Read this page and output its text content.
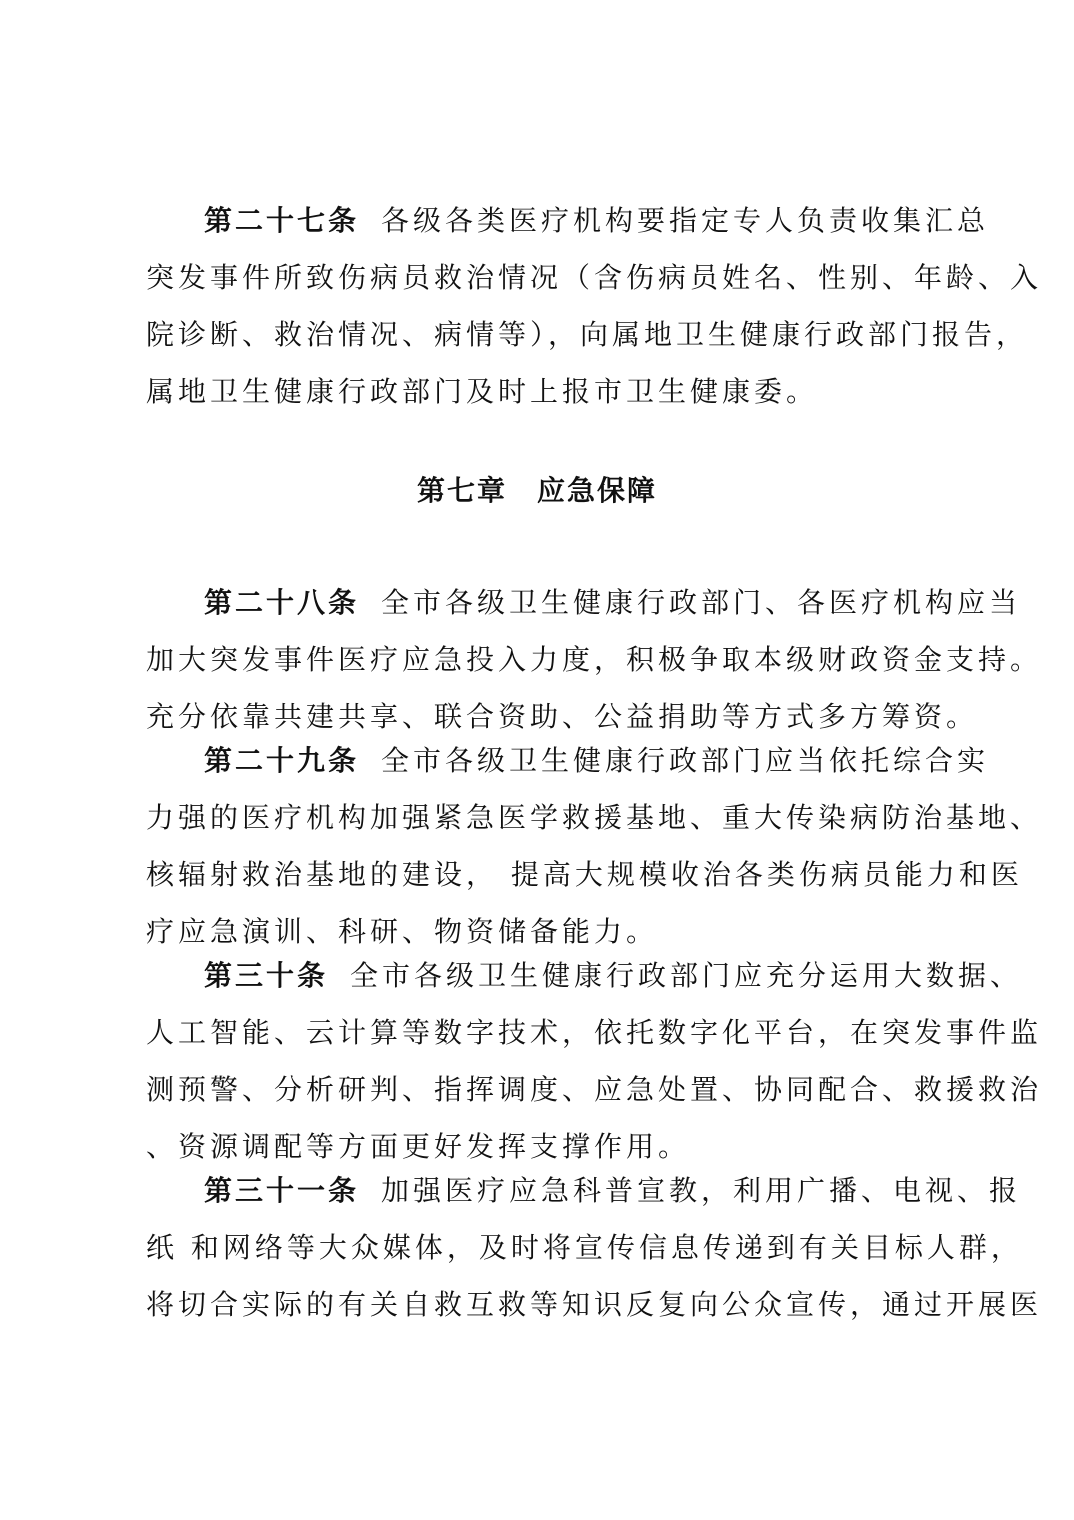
第二十七条 各级各类医疗机构要指定专人负责收集汇总
突发事件所致伤病员救治情况（含伤病员姓名、性别、年龄、入
院诊断、救治情况、病情等），向属地卫生健康行政部门报告，
属地卫生健康行政部门及时上报市卫生健康委。
第七章 应急保障
第二十八条 全市各级卫生健康行政部门、各医疗机构应当
加大突发事件医疗应急投入力度，积极争取本级财政资金支持。
充分依靠共建共享、联合资助、公益捐助等方式多方筹资。
第二十九条 全市各级卫生健康行政部门应当依托综合实
力强的医疗机构加强紧急医学救援基地、重大传染病防治基地、
核辐射救治基地的建设， 提高大规模收治各类伤病员能力和医
疗应急演训、科研、物资储备能力。
第三十条 全市各级卫生健康行政部门应充分运用大数据、
人工智能、云计算等数字技术，依托数字化平台，在突发事件监
测预警、分析研判、指挥调度、应急处置、协同配合、救援救治
、资源调配等方面更好发挥支撑作用。
第三十一条 加强医疗应急科普宣教，利用广播、电视、报
纸 和网络等大众媒体，及时将宣传信息传递到有关目标人群，
将切合实际的有关自救互救等知识反复向公众宣传，通过开展医
